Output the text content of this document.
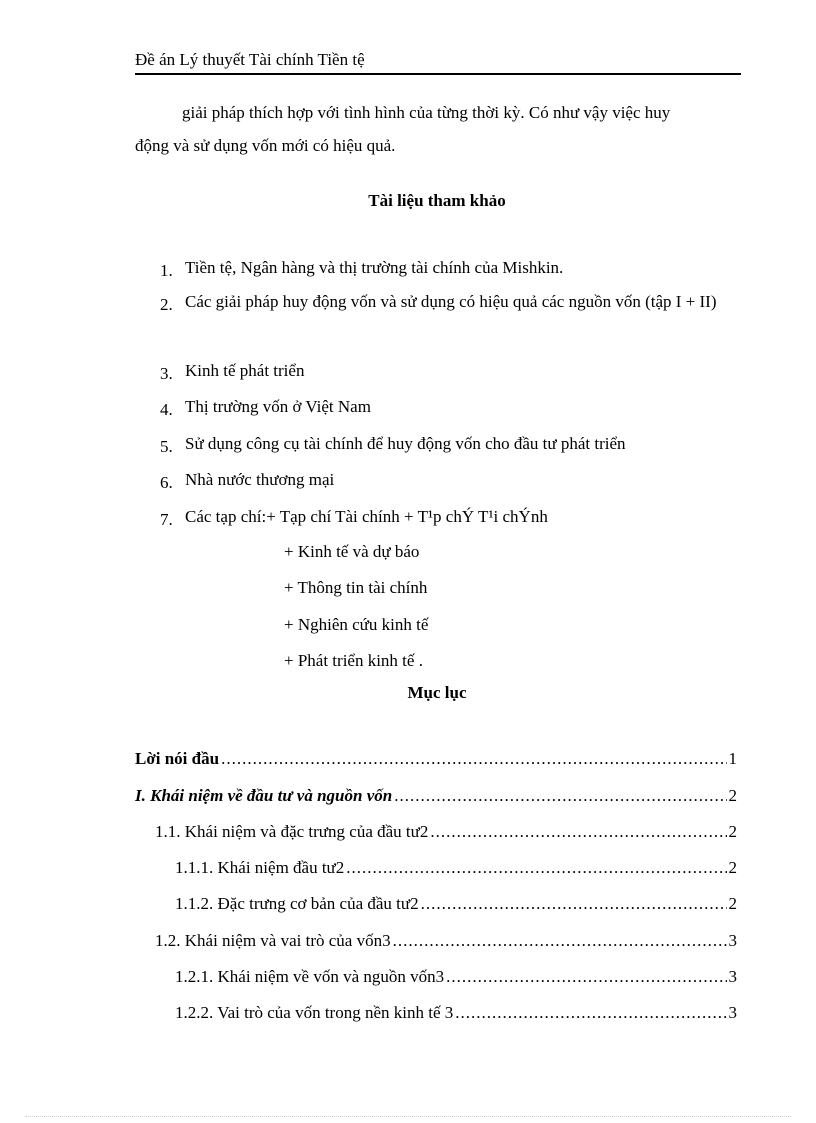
Đề án Lý thuyết Tài chính Tiền tệ

giải pháp thích hợp với tình hình của từng thời kỳ. Có như vậy việc huy
động và sử dụng vốn mới có hiệu quả.

Tài liệu tham khảo
1. Tiền tệ, Ngân hàng và thị trường tài chính của Mishkin.
2. Các giải pháp huy động vốn và sử dụng có hiệu quả các nguồn vốn (tập I + II)
3. Kinh tế phát triển
4. Thị trường vốn ở Việt Nam
5. Sử dụng công cụ tài chính để huy động vốn cho đầu tư phát triển
6. Nhà nước thương mại
7. Các tạp chí:+ Tạp chí Tài chính + T¹p chÝ T¹i chÝnh
+ Kinh tế và dự báo
+ Thông tin tài chính
+ Nghiên cứu kinh tế
+ Phát triển kinh tế .
Mục lục
Lời nói đầu .....	1
I. Khái niệm về đầu tư và nguồn vốn .....	2
1.1. Khái niệm và đặc trưng của đầu tư2 .....	2
1.1.1. Khái niệm đầu tư2 .....	2
1.1.2. Đặc trưng cơ bản của đầu tư2 .....	2
1.2. Khái niệm và vai trò của vốn3 .....	3
1.2.1. Khái niệm về vốn và nguồn vốn3 .....	3
1.2.2. Vai trò của vốn trong nền kinh tế 3 .....	3
